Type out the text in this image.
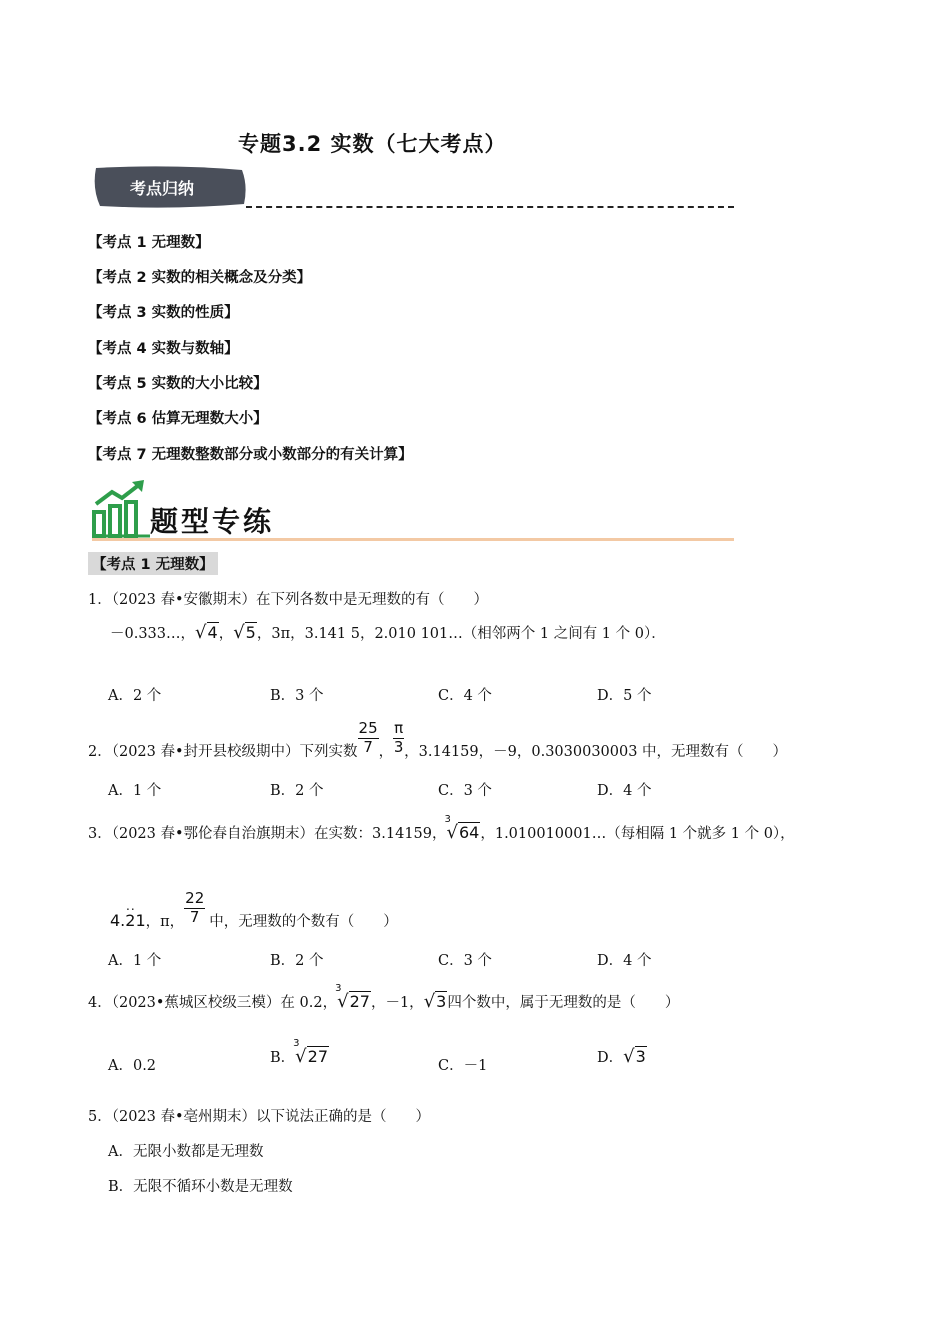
专题3.2 实数（七大考点）
考点归纳
【考点 1 无理数】
【考点 2 实数的相关概念及分类】
【考点 3 实数的性质】
【考点 4 实数与数轴】
【考点 5 实数的大小比较】
【考点 6 估算无理数大小】
【考点 7 无理数整数部分或小数部分的有关计算】
题型专练
【考点 1 无理数】
1．（2023 春•安徽期末）在下列各数中是无理数的有（　　）
－0.333…，√4，√5，3π，3.141 5，2.010 101…（相邻两个 1 之间有 1 个 0）．
A．2 个	B．3 个	C．4 个	D．5 个
2．（2023 春•封开县校级期中）下列实数 $\frac{25}{7}$ ， $\frac{\pi}{3}$ ，3.14159，－9，0.3030030003 中，无理数有（　　）
A．1 个	B．2 个	C．3 个	D．4 个
3．（2023 春•鄂伦春自治旗期末）在实数：3.14159，
3
√64，1.010010001…（每相隔 1 个就多 1 个 0），
4.21
..
，π， $\frac{22}{7}$ 中，无理数的个数有（　　）
A．1 个	B．2 个	C．3 个	D．4 个
4．（2023•蕉城区校级三模）在 0.2，
3
√27，－1，√3四个数中，属于无理数的是（　　）
A．0.2	B．
3
√27	C．－1	D．√3
5．（2023 春•亳州期末）以下说法正确的是（　　）
A．无限小数都是无理数
B．无限不循环小数是无理数
